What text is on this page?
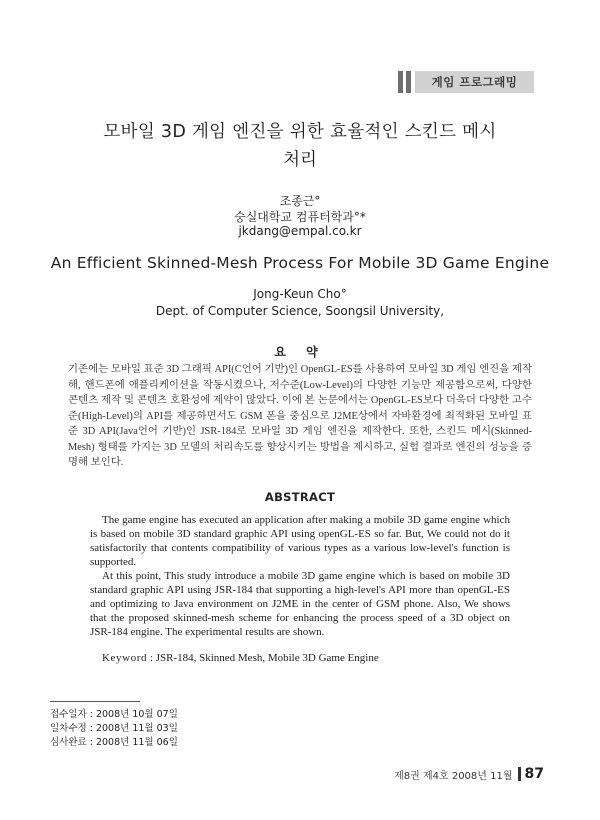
게임 프로그래밍
모바일 3D 게임 엔진을 위한 효율적인 스킨드 메시
처리
조종근°
숭실대학교 컴퓨터학과°*
jkdang@empal.co.kr
An Efficient Skinned-Mesh Process For Mobile 3D Game Engine
Jong-Keun Cho°
Dept. of Computer Science, Soongsil University,
요 약
기존에는 모바일 표준 3D 그래픽 API(C언어 기반)인 OpenGL-ES를 사용하여 모바일 3D 게임 엔진을 제작해, 핸드폰에 애플리케이션을 작동시켰으나, 저수준(Low-Level)의 다양한 기능만 제공함으로써, 다양한 콘텐츠 제작 및 콘텐츠 호환성에 제약이 많았다. 이에 본 논문에서는 OpenGL-ES보다 더욱더 다양한 고수준(High-Level)의 API를 제공하면서도 GSM 폰을 중심으로 J2ME상에서 자바환경에 최적화된 모바일 표준 3D API(Java언어 기반)인 JSR-184로 모바일 3D 게임 엔진을 제작한다. 또한, 스킨드 메시(Skinned-Mesh) 형태를 가지는 3D 모델의 처리속도를 향상시키는 방법을 제시하고, 실험 결과로 엔진의 성능을 증명해 보인다.
ABSTRACT
The game engine has executed an application after making a mobile 3D game engine which is based on mobile 3D standard graphic API using openGL-ES so far. But, We could not do it satisfactorily that contents compatibility of various types as a various low-level's function is supported.
At this point, This study introduce a mobile 3D game engine which is based on mobile 3D standard graphic API using JSR-184 that supporting a high-level's API more than openGL-ES and optimizing to Java environment on J2ME in the center of GSM phone. Also, We shows that the proposed skinned-mesh scheme for enhancing the process speed of a 3D object on JSR-184 engine. The experimental results are shown.
Keyword : JSR-184, Skinned Mesh, Mobile 3D Game Engine
접수일자 : 2008년 10월 07일
일차수정 : 2008년 11월 03일
심사완료 : 2008년 11월 06일
제8권 제4호 2008년 11월 87
